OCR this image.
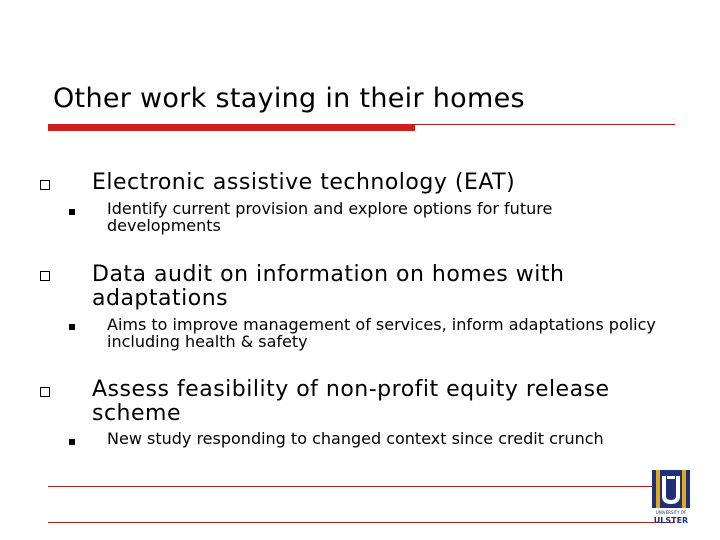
Other work staying in their homes
Electronic assistive technology (EAT)
Identify current provision and explore options for future developments
Data audit on information on homes with adaptations
Aims to improve management of services, inform adaptations policy including health & safety
Assess feasibility of non-profit equity release scheme
New study responding to changed context since credit crunch
UNIVERSITY OF
ULSTER
